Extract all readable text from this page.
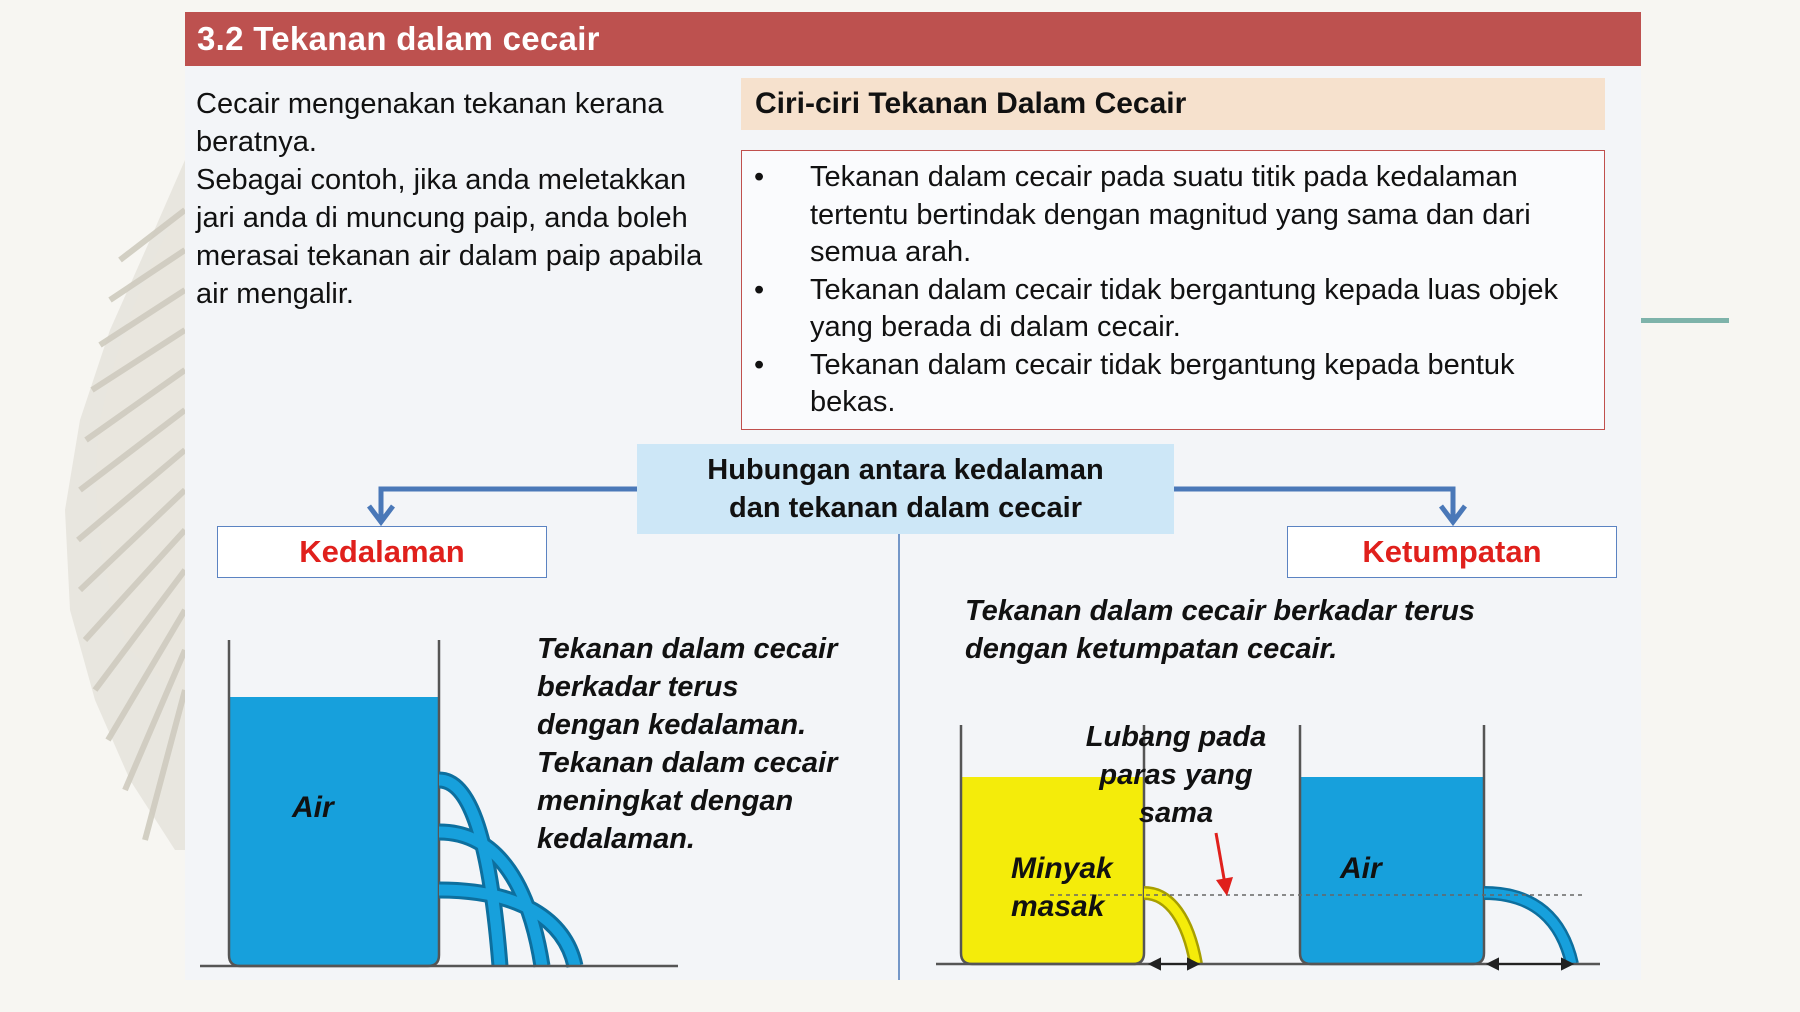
3.2 Tekanan dalam cecair

Cecair mengenakan tekanan kerana beratnya.

Sebagai contoh, jika anda meletakkan jari anda di muncung paip, anda boleh merasai tekanan air dalam paip apabila air mengalir.

Ciri-ciri Tekanan Dalam Cecair
• Tekanan dalam cecair pada suatu titik pada kedalaman tertentu bertindak dengan magnitud yang sama dan dari semua arah.
• Tekanan dalam cecair tidak bergantung kepada luas objek yang berada di dalam cecair.
• Tekanan dalam cecair tidak bergantung kepada bentuk bekas.
Hubungan antara kedalaman
dan tekanan dalam cecair
Kedalaman	Ketumpatan
Tekanan dalam cecair
berkadar terus
dengan kedalaman.
Tekanan dalam cecair
meningkat dengan
kedalaman.
Tekanan dalam cecair berkadar terus
dengan ketumpatan cecair.
Lubang pada
paras yang
sama
Air
Minyak
masak
Air
